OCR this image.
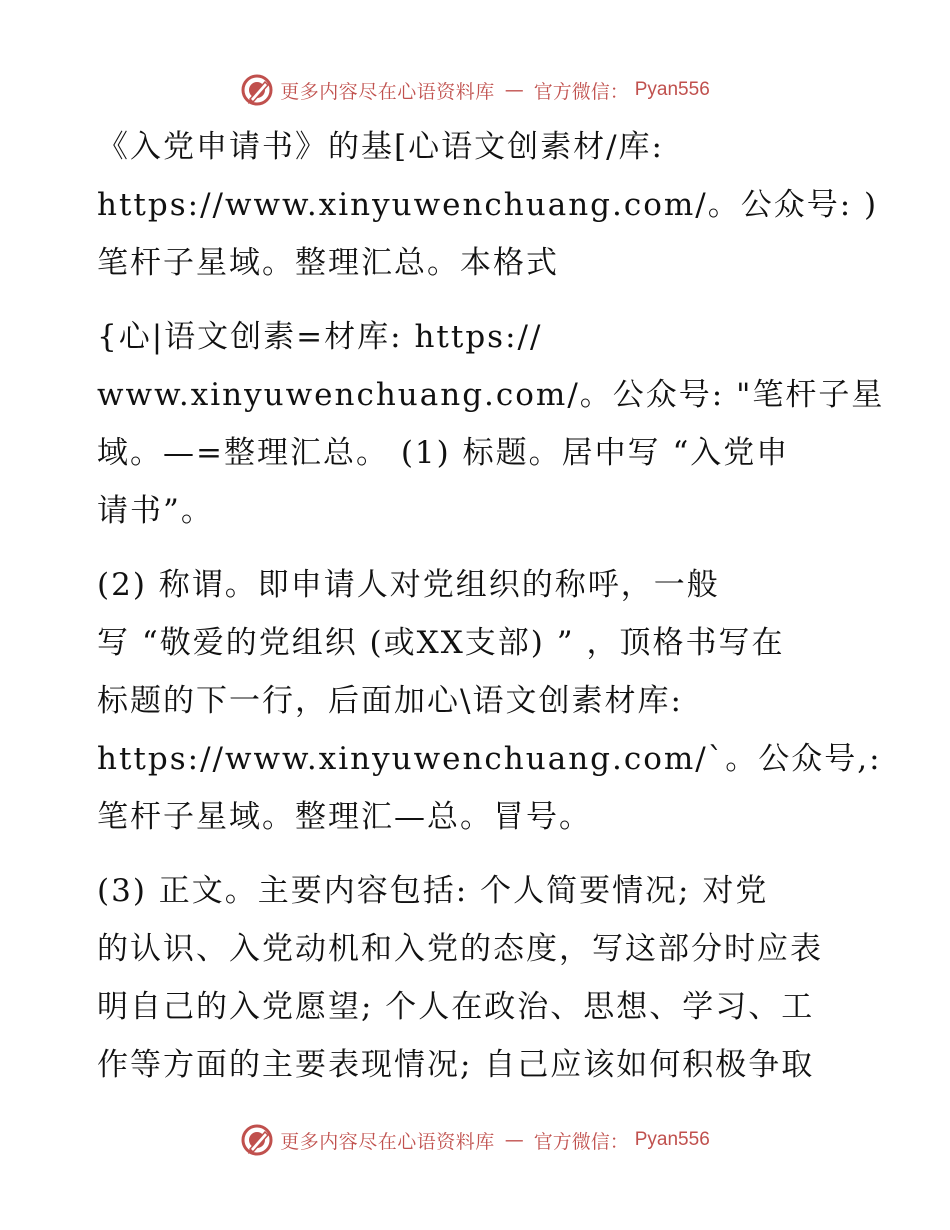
更多内容尽在心语资料库 — 官方微信： Pyan556
《入党申请书》的基[心语文创素材/库:
https://www.xinyuwenchuang.com/。公众号: )
笔杆子星域。整理汇总。本格式
{心|语文创素=材库: https://
www.xinyuwenchuang.com/。公众号: "笔杆子星
域。—=整理汇总。 (1) 标题。居中写 “入党申
请书”。
(2) 称谓。即申请人对党组织的称呼，一般
写 “敬爱的党组织 (或XX支部) ” ，顶格书写在
标题的下一行，后面加心\语文创素材库:
https://www.xinyuwenchuang.com/`。公众号,:
笔杆子星域。整理汇—总。冒号。
(3) 正文。主要内容包括: 个人简要情况; 对党
的认识、入党动机和入党的态度，写这部分时应表
明自己的入党愿望; 个人在政治、思想、学习、工
作等方面的主要表现情况; 自己应该如何积极争取
更多内容尽在心语资料库 — 官方微信： Pyan556
